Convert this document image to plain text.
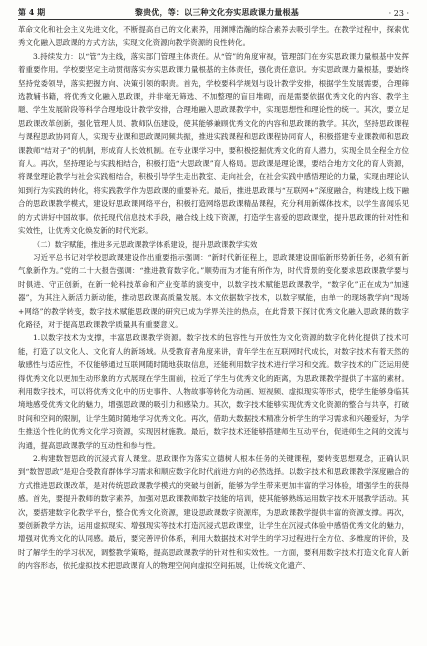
第 4 期	黎贵优，等：以三种文化夯实思政课力量根基	· 23 ·

革命文化和社会主义先进文化，不断提高自己的文化素养，用渊博浩瀚的综合素养去吸引学生。在教学过程中，探索优秀文化融入思政课的方式方法，实现文化资源向教学资源的良性转化。

3.持续发力：以“管”为主线，落实部门管理主体责任。从“管”的角度审视，管理部门在夯实思政课力量根基中发挥着重要作用。学校要坚定主动贯彻落实夯实思政课力量根基的主体责任，强化责任意识。夯实思政课力量根基，要始终坚持党委领导，落实把握方向、决策引领的职责。首先，学校要科学规划与设计教学安排，根据学生发展需要，合理筛选教辅书籍，将优秀文化融入思政课，并非毫无筛选、不加整理的盲目堆砌，而是需要依据优秀文化的内容、教学主题、学生发展阶段等科学合理地设计教学安排，合理地融入思政课教学中，实现思想性和理论性的统一。其次，要立足思政课改革创新，强化管理人员、教师队伍建设，使其能够兼顾优秀文化的内容和思政课的教学。其次，坚持思政课程与课程思政协同育人，实现专业课和思政课同频共振，推进实践课程和思政课程协同育人，积极搭建专业课教师和思政课教师“结对子”的机制，形成育人长效机制。在专业课学习中，要积极挖掘优秀文化的育人潜力，实现全员全程全方位育人。再次，坚持理论与实践相结合，积极打造“大思政课”育人格局。思政课是理论课，要结合地方文化的育人资源，将课堂理论教学与社会实践相结合，积极引导学生走出教室、走向社会，在社会实践中感悟理论的力量，实现由理论认知到行为实践的转化，将实践教学作为思政课的重要补充。最后，推进思政课与“互联网+”深度融合，构建线上线下融合的思政课教学模式，建设好思政课网络平台，积极打造网络思政课精品课程，充分利用新媒体技术，以学生喜闻乐见的方式讲好中国故事。依托现代信息技术手段，融合线上线下资源，打造学生喜爱的思政课堂，提升思政课的针对性和实效性，让优秀文化焕发新的时代光彩。

（二）数字赋能，推进多元思政课教学体系建设，提升思政课教学实效

习近平总书记对学校思政课建设作出重要指示强调：“新时代新征程上，思政课建设面临新形势新任务，必须有新气象新作为。”党的二十大报告强调：“推进教育数字化。”顺势而为才能有所作为，时代背景的变化要求思政课教学要与时俱进、守正创新，在新一轮科技革命和产业变革的演变中，以数字技术赋能思政课教学，“数字化”正在成为“加速器”，为其注入新活力新动能，推动思政课高质量发展。本文依据数字技术，以数字赋能，由单一的现场教学向“现场+网络”的教学转变，数字技术赋能思政课的研究已成为学界关注的热点，在此背景下探讨优秀文化融入思政课的数字化路径，对于提高思政课教学质量具有重要意义。

1.以数字技术为支撑，丰富思政课教学资源。数字技术的包容性与开放性为文化资源的数字化转化提供了技术可能，打造了以文化人、文化育人的新场域。从受教育者角度来讲，青年学生在互联网时代成长，对数字技术有着天然的敏感性与适应性，不仅能够通过互联网随时随地获取信息，还能利用数字技术进行学习和交流。数字技术的广泛运用使得优秀文化以更加生动形象的方式展现在学生面前，拉近了学生与优秀文化的距离，为思政课教学提供了丰富的素材。利用数字技术，可以将优秀文化中的历史事件、人物故事等转化为动画、短视频、虚拟现实等形式，使学生能够身临其境地感受优秀文化的魅力，增强思政课的吸引力和感染力。其次，数字技术能够实现优秀文化资源的整合与共享，打破时间和空间的限制，让学生随时随地学习优秀文化。再次，借助大数据技术精准分析学生的学习需求和兴趣爱好，为学生推送个性化的优秀文化学习资源，实现因材施教。最后，数字技术还能够搭建师生互动平台，促进师生之间的交流与沟通，提高思政课教学的互动性和参与性。

2.构建数智思政的沉浸式育人课堂。思政课作为落实立德树人根本任务的关键课程，要转变思想观念，正确认识到“数智思政”是迎合受教育群体学习需求和顺应数字化时代前进方向的必然选择。以数字技术和思政课教学深度融合的方式推进思政课改革，是对传统思政课教学模式的突破与创新，能够为学生带来更加丰富的学习体验，增强学生的获得感。首先，要提升教师的数字素养，加强对思政课教师数字技能的培训，使其能够熟练运用数字技术开展教学活动。其次，要搭建数字化教学平台，整合优秀文化资源，建设思政课数字资源库，为思政课教学提供丰富的资源支撑。再次，要创新教学方法，运用虚拟现实、增强现实等技术打造沉浸式思政课堂，让学生在沉浸式体验中感悟优秀文化的魅力，增强对优秀文化的认同感。最后，要完善评价体系，利用大数据技术对学生的学习过程进行全方位、多维度的评价，及时了解学生的学习状况，调整教学策略，提高思政课教学的针对性和实效性。一方面，要利用数字技术打造文化育人新的内容形态，依托虚拟技术把思政课育人的物理空间向虚拟空间拓展，让传统文化遗产、
